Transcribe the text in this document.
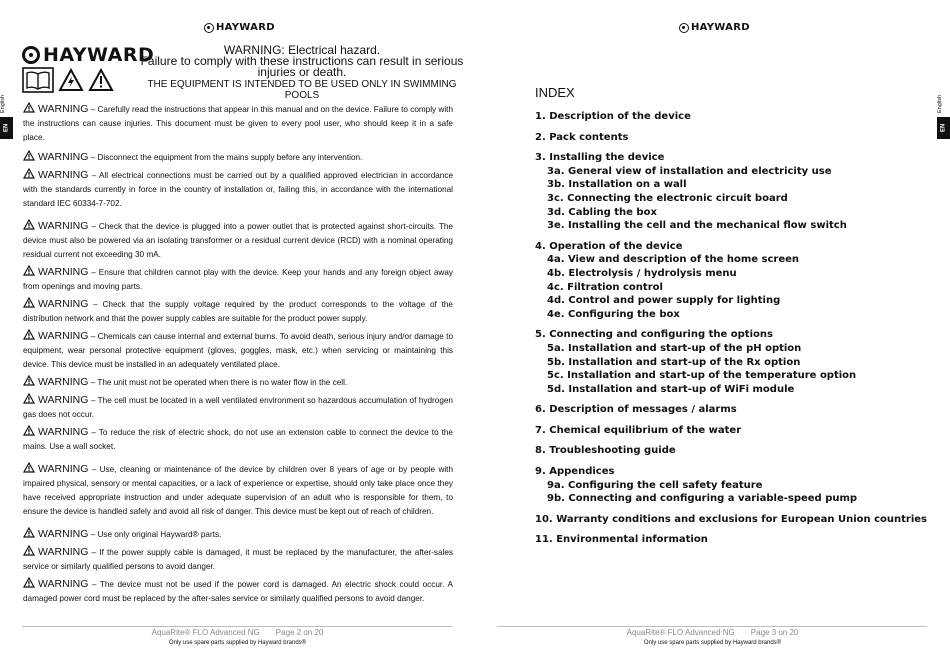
HAYWARD
HAYWARD	WARNING: Electrical hazard.
Failure to comply with these instructions can result in serious injuries or death.
THE EQUIPMENT IS INTENDED TO BE USED ONLY IN SWIMMING POOLS
English
EN
WARNING – Carefully read the instructions that appear in this manual and on the device. Failure to comply with the instructions can cause injuries. This document must be given to every pool user, who should keep it in a safe place.
WARNING – Disconnect the equipment from the mains supply before any intervention.
WARNING – All electrical connections must be carried out by a qualified approved electrician in accordance with the standards currently in force in the country of installation or, failing this, in accordance with the international standard IEC 60334-7-702.
WARNING – Check that the device is plugged into a power outlet that is protected against short-circuits. The device must also be powered via an isolating transformer or a residual current device (RCD) with a nominal operating residual current not exceeding 30 mA.
WARNING – Ensure that children cannot play with the device. Keep your hands and any foreign object away from openings and moving parts.
WARNING – Check that the supply voltage required by the product corresponds to the voltage of the distribution network and that the power supply cables are suitable for the product power supply.
WARNING – Chemicals can cause internal and external burns. To avoid death, serious injury and/or damage to equipment, wear personal protective equipment (gloves, goggles, mask, etc.) when servicing or maintaining this device. This device must be installed in an adequately ventilated place.
WARNING – The unit must not be operated when there is no water flow in the cell.
WARNING – The cell must be located in a well ventilated environment so hazardous accumulation of hydrogen gas does not occur.
WARNING – To reduce the risk of electric shock, do not use an extension cable to connect the device to the mains. Use a wall socket.
WARNING – Use, cleaning or maintenance of the device by children over 8 years of age or by people with impaired physical, sensory or mental capacities, or a lack of experience or expertise, should only take place once they have received appropriate instruction and under adequate supervision of an adult who is responsible for them, to ensure the device is handled safely and avoid all risk of danger. This device must be kept out of reach of children.
WARNING – Use only original Hayward® parts.
WARNING – If the power supply cable is damaged, it must be replaced by the manufacturer, the after-sales service or similarly qualified persons to avoid danger.
WARNING – The device must not be used if the power cord is damaged. An electric shock could occur. A damaged power cord must be replaced by the after-sales service or similarly qualified persons to avoid danger.
AquaRite® FLO Advanced NG Page 2 on 20
Only use spare parts supplied by Hayward brands®
HAYWARD
AquaRite® FLO Advanced NG Page 3 on 20
Only use spare parts supplied by Hayward brands®
English
EN
INDEX
1. Description of the device
2. Pack contents
3. Installing the device
3a. General view of installation and electricity use
3b. Installation on a wall
3c. Connecting the electronic circuit board
3d. Cabling the box
3e. Installing the cell and the mechanical flow switch
4. Operation of the device
4a. View and description of the home screen
4b. Electrolysis / hydrolysis menu
4c. Filtration control
4d. Control and power supply for lighting
4e. Configuring the box
5. Connecting and configuring the options
5a. Installation and start-up of the pH option
5b. Installation and start-up of the Rx option
5c. Installation and start-up of the temperature option
5d. Installation and start-up of WiFi module
6. Description of messages / alarms
7. Chemical equilibrium of the water
8. Troubleshooting guide
9. Appendices
9a. Configuring the cell safety feature
9b. Connecting and configuring a variable-speed pump
10. Warranty conditions and exclusions for European Union countries
11. Environmental information
